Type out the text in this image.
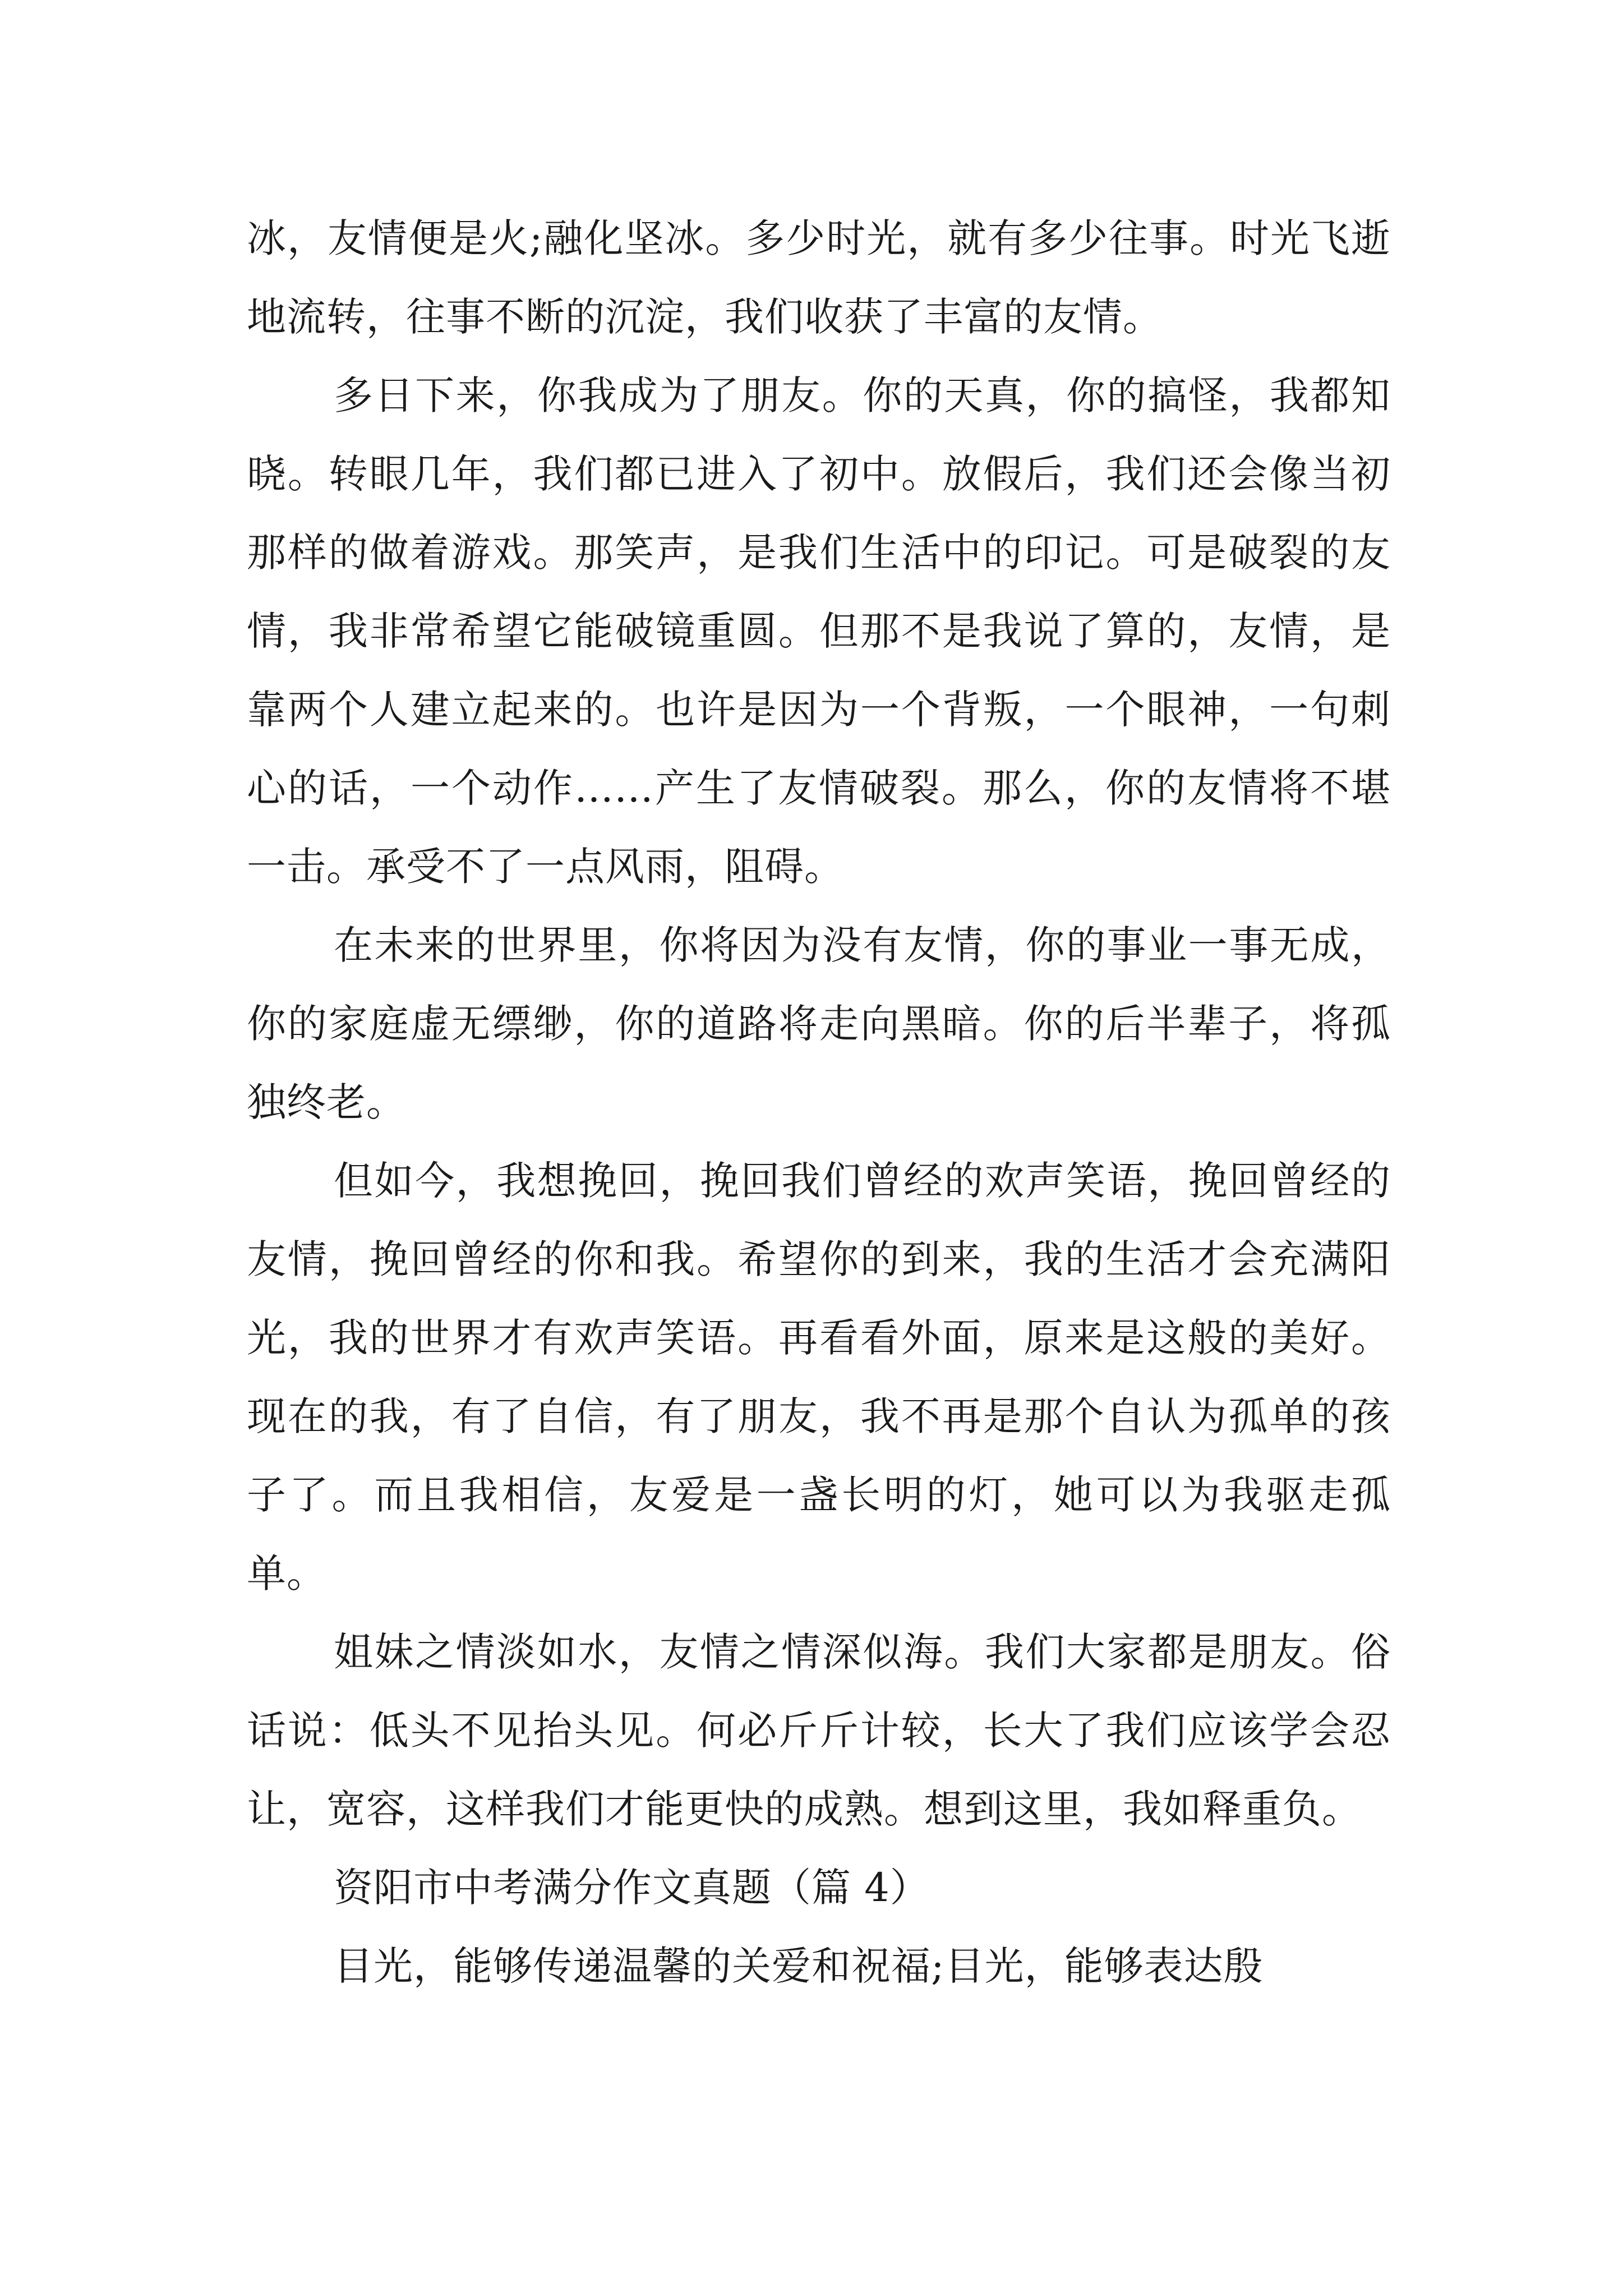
冰，友情便是火;融化坚冰。多少时光，就有多少往事。时光飞逝地流转，往事不断的沉淀，我们收获了丰富的友情。

多日下来，你我成为了朋友。你的天真，你的搞怪，我都知晓。转眼几年，我们都已进入了初中。放假后，我们还会像当初那样的做着游戏。那笑声，是我们生活中的印记。可是破裂的友情，我非常希望它能破镜重圆。但那不是我说了算的，友情，是靠两个人建立起来的。也许是因为一个背叛，一个眼神，一句刺心的话，一个动作……产生了友情破裂。那么，你的友情将不堪一击。承受不了一点风雨，阻碍。

在未来的世界里，你将因为没有友情，你的事业一事无成，你的家庭虚无缥缈，你的道路将走向黑暗。你的后半辈子，将孤独终老。

但如今，我想挽回，挽回我们曾经的欢声笑语，挽回曾经的友情，挽回曾经的你和我。希望你的到来，我的生活才会充满阳光，我的世界才有欢声笑语。再看看外面，原来是这般的美好。现在的我，有了自信，有了朋友，我不再是那个自认为孤单的孩子了。而且我相信，友爱是一盏长明的灯，她可以为我驱走孤单。

姐妹之情淡如水，友情之情深似海。我们大家都是朋友。俗话说：低头不见抬头见。何必斤斤计较，长大了我们应该学会忍让，宽容，这样我们才能更快的成熟。想到这里，我如释重负。

资阳市中考满分作文真题（篇 4）

目光，能够传递温馨的关爱和祝福;目光，能够表达殷
